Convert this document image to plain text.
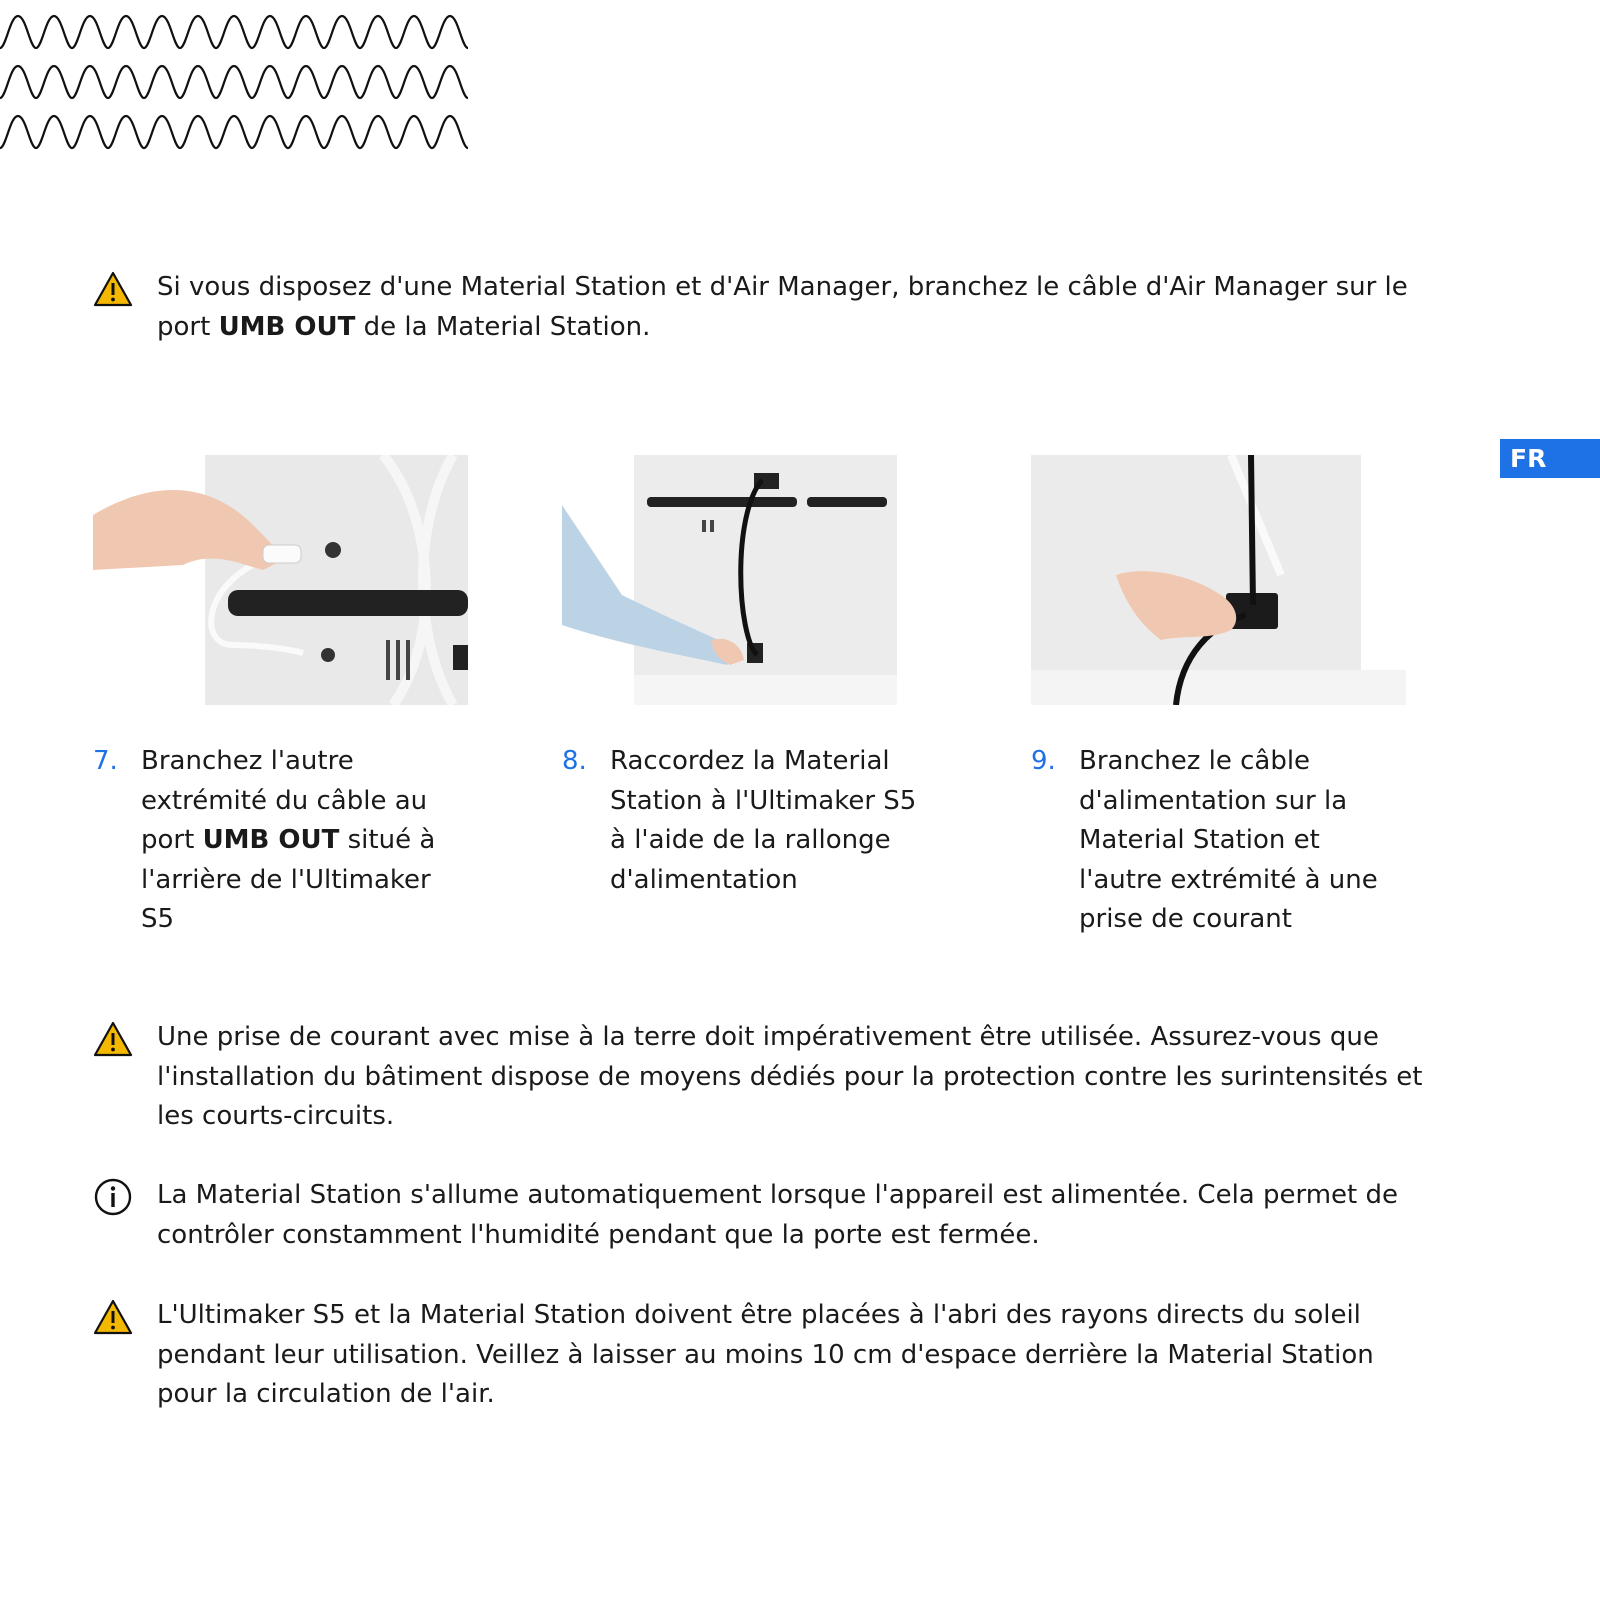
FR
Si vous disposez d'une Material Station et d'Air Manager, branchez le câble d'Air Manager sur le port UMB OUT de la Material Station.
7. Branchez l'autre extrémité du câble au port UMB OUT situé à l'arrière de l'Ultimaker S5
8. Raccordez la Material Station à l'Ultimaker S5 à l'aide de la rallonge d'alimentation
9. Branchez le câble d'alimentation sur la Material Station et l'autre extrémité à une prise de courant
Une prise de courant avec mise à la terre doit impérativement être utilisée. Assurez-vous que l'installation du bâtiment dispose de moyens dédiés pour la protection contre les surintensités et les courts-circuits.
La Material Station s'allume automatiquement lorsque l'appareil est alimentée. Cela permet de contrôler constamment l'humidité pendant que la porte est fermée.
L'Ultimaker S5 et la Material Station doivent être placées à l'abri des rayons directs du soleil pendant leur utilisation. Veillez à laisser au moins 10 cm d'espace derrière la Material Station pour la circulation de l'air.
